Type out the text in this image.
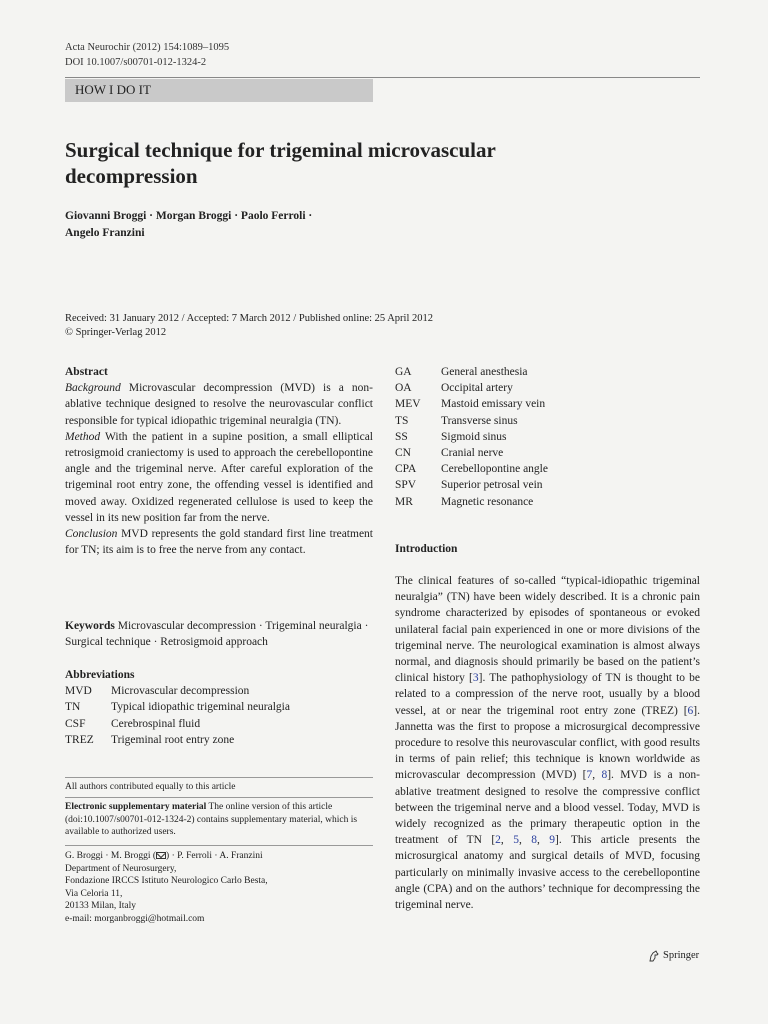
Acta Neurochir (2012) 154:1089–1095
DOI 10.1007/s00701-012-1324-2
HOW I DO IT
Surgical technique for trigeminal microvascular
decompression
Giovanni Broggi · Morgan Broggi · Paolo Ferroli ·
Angelo Franzini
Received: 31 January 2012 / Accepted: 7 March 2012 / Published online: 25 April 2012
© Springer-Verlag 2012
Abstract

Background Microvascular decompression (MVD) is a non-ablative technique designed to resolve the neurovascular conflict responsible for typical idiopathic trigeminal neuralgia (TN).

Method With the patient in a supine position, a small elliptical retrosigmoid craniectomy is used to approach the cerebellopontine angle and the trigeminal nerve. After careful exploration of the trigeminal root entry zone, the offending vessel is identified and moved away. Oxidized regenerated cellulose is used to keep the vessel in its new position far from the nerve.

Conclusion MVD represents the gold standard first line treatment for TN; its aim is to free the nerve from any contact.

Keywords Microvascular decompression · Trigeminal neuralgia · Surgical technique · Retrosigmoid approach

Abbreviations
MVD	Microvascular decompression
TN	Typical idiopathic trigeminal neuralgia
CSF	Cerebrospinal fluid
TREZ	Trigeminal root entry zone
All authors contributed equally to this article
Electronic supplementary material The online version of this article (doi:10.1007/s00701-012-1324-2) contains supplementary material, which is available to authorized users.
G. Broggi · M. Broggi ( ) · P. Ferroli · A. Franzini
Department of Neurosurgery,
Fondazione IRCCS Istituto Neurologico Carlo Besta,
Via Celoria 11,
20133 Milan, Italy
e-mail: morganbroggi@hotmail.com
GA	General anesthesia
OA	Occipital artery
MEV	Mastoid emissary vein
TS	Transverse sinus
SS	Sigmoid sinus
CN	Cranial nerve
CPA	Cerebellopontine angle
SPV	Superior petrosal vein
MR	Magnetic resonance
Introduction

The clinical features of so-called “typical-idiopathic trigeminal neuralgia” (TN) have been widely described. It is a chronic pain syndrome characterized by episodes of spontaneous or evoked unilateral facial pain experienced in one or more divisions of the trigeminal nerve. The neurological examination is almost always normal, and diagnosis should primarily be based on the patient’s clinical history [3]. The pathophysiology of TN is thought to be related to a compression of the nerve root, usually by a blood vessel, at or near the trigeminal root entry zone (TREZ) [6]. Jannetta was the first to propose a microsurgical decompressive procedure to resolve this neurovascular conflict, with good results in terms of pain relief; this technique is known worldwide as microvascular decompression (MVD) [7, 8]. MVD is a non-ablative treatment designed to resolve the compressive conflict between the trigeminal nerve and a blood vessel. Today, MVD is widely recognized as the primary therapeutic option in the treatment of TN [2, 5, 8, 9]. This article presents the microsurgical anatomy and surgical details of MVD, focusing particularly on minimally invasive access to the cerebellopontine angle (CPA) and on the authors’ technique for decompressing the trigeminal nerve.

Springer
